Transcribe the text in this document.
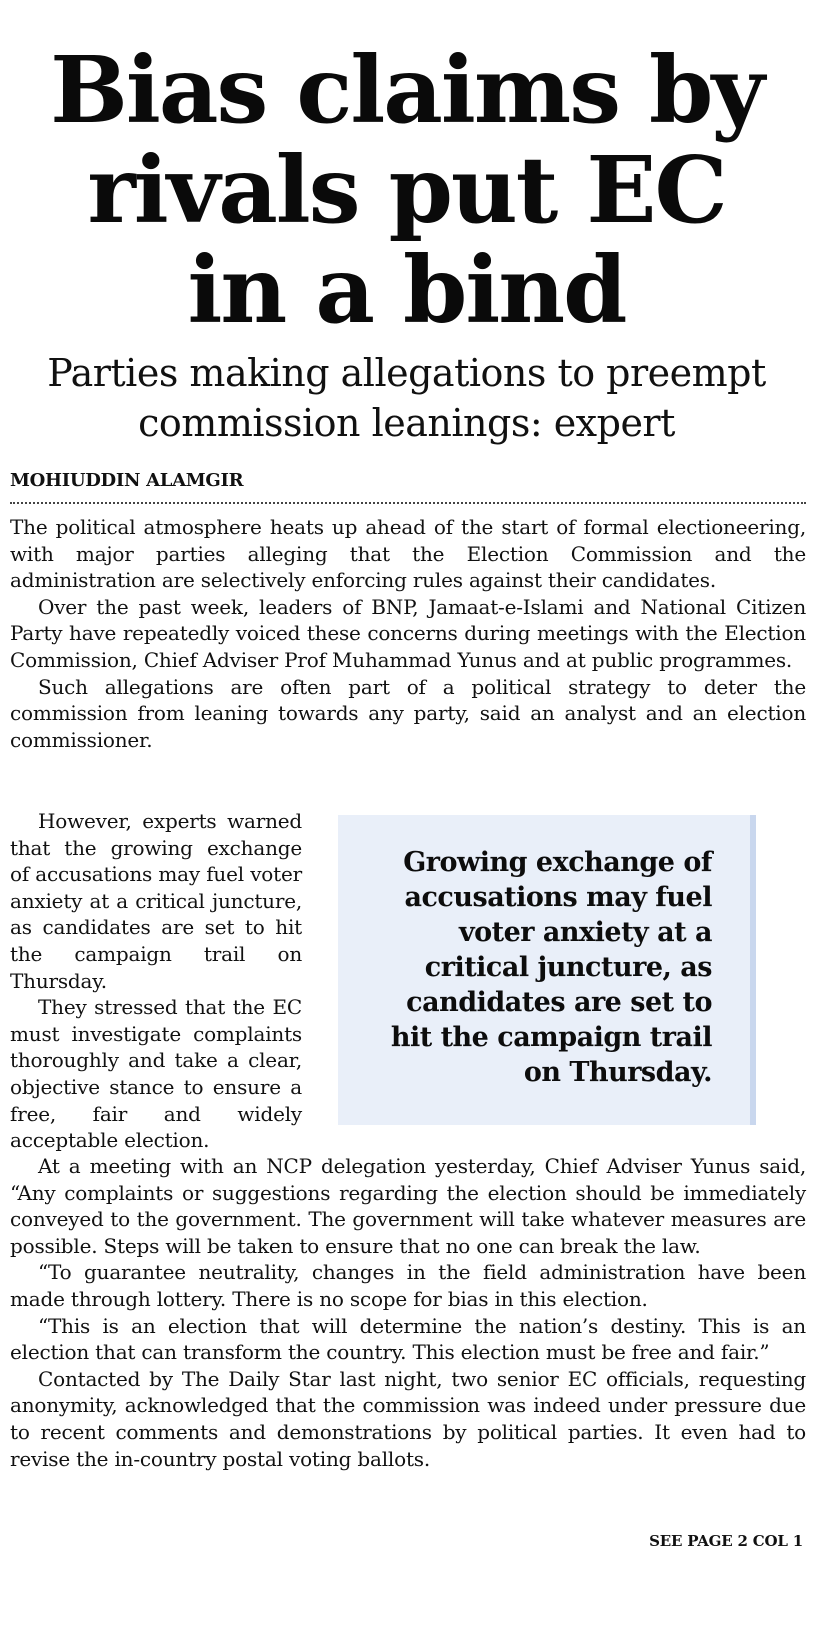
Bias claims by
rivals put EC
in a bind
Parties making allegations to preempt
commission leanings: expert
MOHIUDDIN ALAMGIR

The political atmosphere heats up ahead of the start of formal electioneering, with major parties alleging that the Election Commission and the administration are selectively enforcing rules against their candidates.

Over the past week, leaders of BNP, Jamaat-e-Islami and National Citizen Party have repeatedly voiced these concerns during meetings with the Election Commission, Chief Adviser Prof Muhammad Yunus and at public programmes.

Such allegations are often part of a political strategy to deter the commission from leaning towards any party, said an analyst and an election commissioner.

However, experts warned that the growing exchange of accusations may fuel voter anxiety at a critical juncture, as candidates are set to hit the campaign trail on Thursday.

They stressed that the EC must investigate complaints thoroughly and take a clear, objective stance to ensure a free, fair and widely acceptable election.

Growing exchange of accusations may fuel voter anxiety at a critical juncture, as candidates are set to hit the campaign trail on Thursday.

At a meeting with an NCP delegation yesterday, Chief Adviser Yunus said, “Any complaints or suggestions regarding the election should be immediately conveyed to the government. The government will take whatever measures are possible. Steps will be taken to ensure that no one can break the law.

“To guarantee neutrality, changes in the field administration have been made through lottery. There is no scope for bias in this election.

“This is an election that will determine the nation’s destiny. This is an election that can transform the country. This election must be free and fair.”

Contacted by The Daily Star last night, two senior EC officials, requesting anonymity, acknowledged that the commission was indeed under pressure due to recent comments and demonstrations by political parties. It even had to revise the in-country postal voting ballots.

SEE PAGE 2 COL 1
